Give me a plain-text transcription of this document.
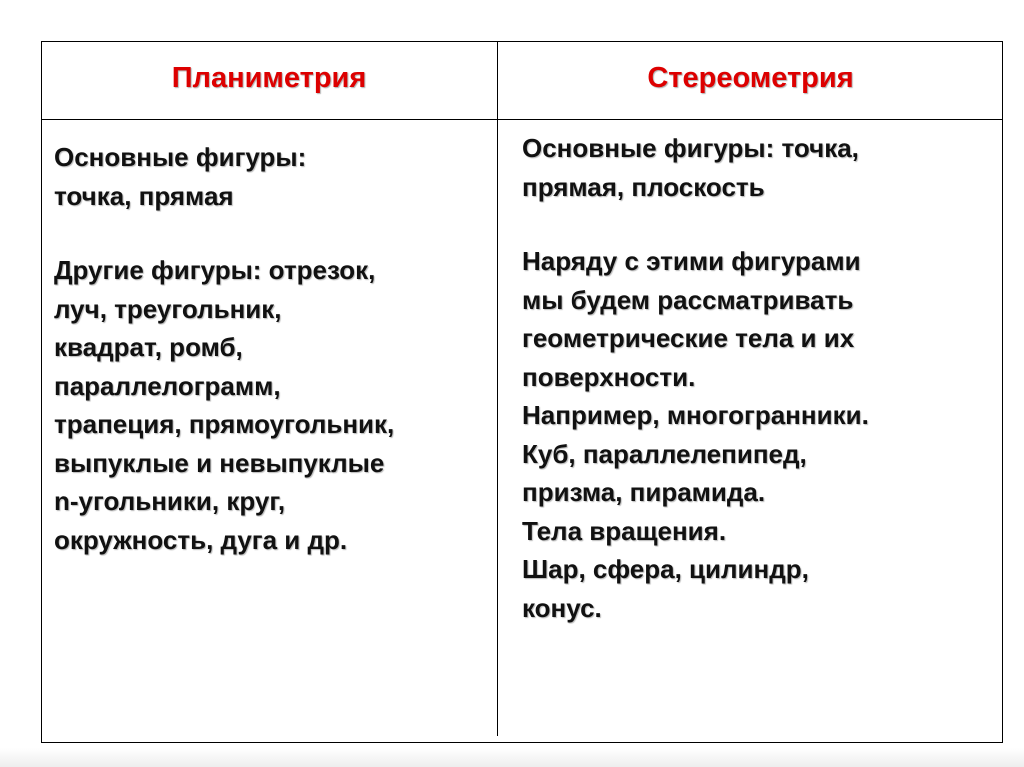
Планиметрия	Стереометрия
Основные фигуры:
точка, прямая
Другие фигуры: отрезок,
луч, треугольник,
квадрат, ромб,
параллелограмм,
трапеция, прямоугольник,
выпуклые и невыпуклые
n-угольники, круг,
окружность, дуга и др.
Основные фигуры: точка,
прямая, плоскость
Наряду с этими фигурами
мы будем рассматривать
геометрические тела и их
поверхности.
Например, многогранники.
Куб, параллелепипед,
призма, пирамида.
Тела вращения.
Шар, сфера, цилиндр,
конус.
